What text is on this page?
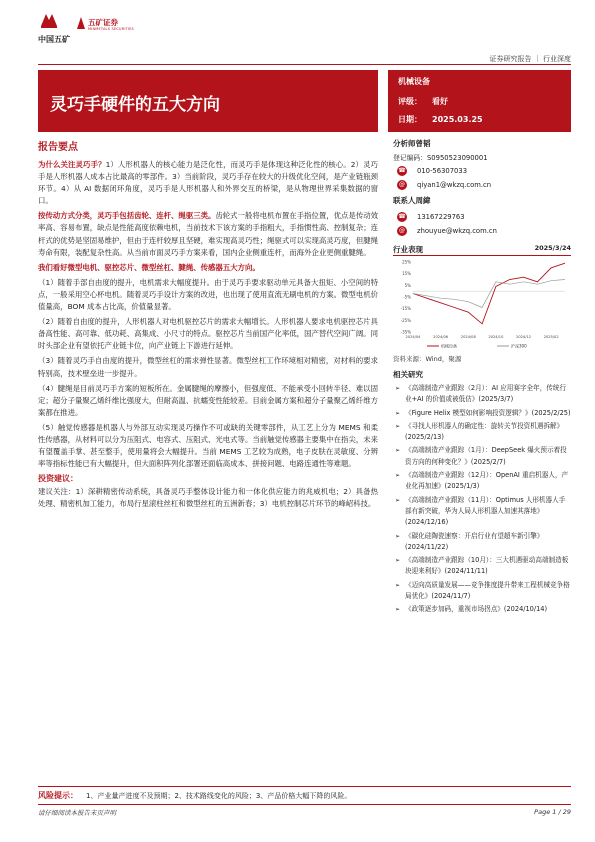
中国五矿
五矿证券
MINMETALS SECURITIES
证券研究报告 ｜ 行业深度
灵巧手硬件的五大方向
机械设备
评级： 看好
日期： 2025.03.25
报告要点

为什么关注灵巧手？1）人形机器人的核心能力是泛化性，而灵巧手是体现这种泛化性的核心。2）灵巧手是人形机器人成本占比最高的零部件。3）当前阶段，灵巧手存在较大的升级优化空间，是产业链瓶颈环节。4）从 AI 数据闭环角度，灵巧手是人形机器人和外界交互的桥梁，是从物理世界采集数据的窗口。

按传动方式分类，灵巧手包括齿轮、连杆、绳驱三类。齿轮式一般将电机布置在手指位置，优点是传动效率高、容易布置，缺点是性能高度依赖电机，当前技术下该方案的手指粗大，手指惯性高、控制复杂；连杆式的优势是坚固易维护，但由于连杆较厚且坚硬，难实现高灵巧性；绳驱式可以实现高灵巧度，但腱绳寿命有限，装配复杂性高。从当前市面灵巧手方案来看，国内企业侧重连杆，而海外企业更侧重腱绳。

我们看好微型电机、驱控芯片、微型丝杠、腱绳、传感器五大方向。

（1）随着手部自由度的提升，电机需求大幅度提升。由于灵巧手要求驱动单元具备大扭矩、小空间的特点，一般采用空心杯电机。随着灵巧手设计方案的改进，也出现了使用直流无刷电机的方案。微型电机价值量高，BOM 成本占比高，价值量显著。

（2）随着自由度的提升，人形机器人对电机驱控芯片的需求大幅增长。人形机器人要求电机驱控芯片具备高性能、高可靠、低功耗、高集成、小尺寸的特点。驱控芯片当前国产化率低，国产替代空间广阔。同时头部企业有望依托产业链卡位，向产业链上下游进行延伸。

（3）随着灵巧手自由度的提升，微型丝杠的需求弹性显著。微型丝杠工作环境相对精密，对材料的要求特别高，技术壁垒进一步提升。

（4）腱绳是目前灵巧手方案的短板所在。金属腱绳的摩擦小，但强度低、不能承受小回转半径、难以固定；超分子量聚乙烯纤维比强度大，但耐高温、抗蠕变性能较差。目前金属方案和超分子量聚乙烯纤维方案都在推进。

（5）触觉传感器是机器人与外部互动实现灵巧操作不可或缺的关键零部件，从工艺上分为 MEMS 和柔性传感器，从材料可以分为压阻式、电容式、压阻式、光电式等。当前触觉传感器主要集中在指尖，未来有望覆盖手掌、甚至整手，使用量将会大幅提升。当前 MEMS 工艺较为成熟，电子皮肤在灵敏度、分辨率等指标性能已有大幅提升，但大面积阵列化部署还面临高成本、拼接问题、电路连通性等难题。

投资建议：

建议关注：1）深耕精密传动系统，具备灵巧手整体设计能力和一体化供应能力的兆威机电；2）具备热处理、精密机加工能力，布局行星滚柱丝杠和微型丝杠的五洲新春；3）电机控制芯片环节的峰岹科技。

分析师曾韬
登记编码：S0950523090001
☎ 010-56307033
@ qiyan1@wkzq.com.cn
联系人周緯
☎ 13167229763
@ zhouyue@wkzq.com.cn
行业表现	2025/3/24
25%
15%
5%
-5%
-15%
-25%
-35%
2024/04	2024/06	2024/08	2024/10	2024/12	2025/02
机械设备	沪深300
资料来源：Wind，聚源
相关研究
➢ 《高端制造产业跟踪（2月）：AI 应用赛字全年，传统行业+AI 的价值或被低估》(2025/3/7)
➢ 《Figure Helix 模型如何影响投资逻辑？》(2025/2/25)
➢ 《寻找人形机器人的确定性：旋转关节投资机遇拆解》(2025/2/13)
➢ 《高端制造产业跟踪（1月）：DeepSeek 爆火预示着投资方向的何种变化？》(2025/2/7)
➢ 《高端制造产业跟踪（12月）：OpenAI 重启机器人，产业化再加速》(2025/1/3)
➢ 《高端制造产业跟踪（11月）：Optimus 人形机器人手部有新突破，华为人局人形机器人加速其落地》(2024/12/16)
➢ 《碳化硅陶瓷速察：开启行业有望超车新引擎》(2024/11/22)
➢ 《高端制造产业跟踪（10月）：三大机遇驱动高端制造板块迎来利好》(2024/11/11)
➢ 《迈向高质量发展——竞争推度提升带来工程机械竞争格局优化》(2024/11/7)
➢ 《政策逐步加码，重视市场拐点》(2024/10/14)
风险提示： 1、产业量产进度不及预期；2、技术路线变化的风险；3、产品价格大幅下降的风险。
请仔细阅读本报告末页声明	Page 1 / 29
